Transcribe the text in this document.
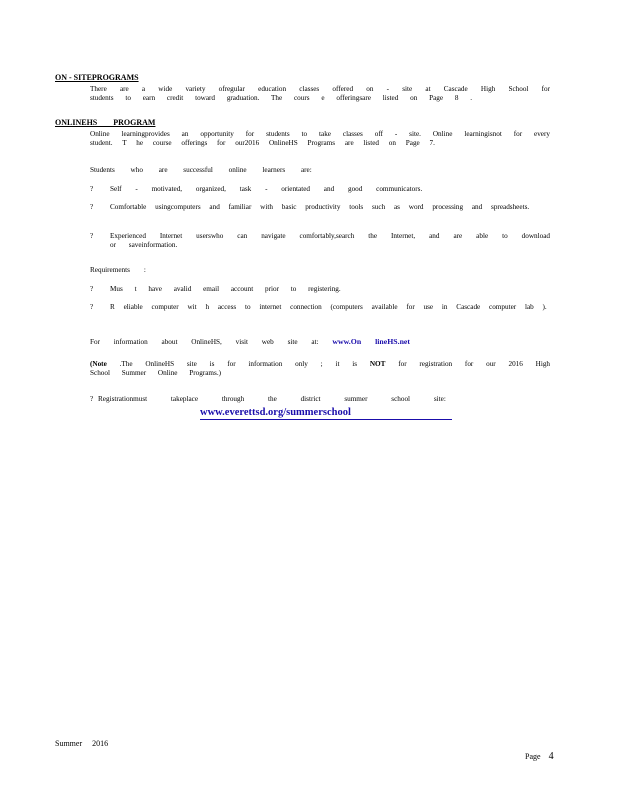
ON - SITEPROGRAMS
There are a wide variety ofregular education classes offered on - site at Cascade High School for students to earn credit toward graduation. The cours e offeringsare listed on Page 8 .
ONLINEHS        PROGRAM
Online learningprovides an opportunity for students to take classes off - site. Online learningisnot for every student. T he course offerings for our2016 OnlineHS Programs are listed on Page 7.
Students who are successful online learners are:
? Self - motivated, organized, task - orientated and good communicators.
? Comfortable usingcomputers and familiar with basic productivity tools such as word processing and spreadsheets.
? Experienced Internet userswho can navigate comfortably,search the Internet, and are able to download or saveinformation.
Requirements :
? Mus t have avalid email account prior to registering.
? R eliable computer wit h access to internet connection (computers available for use in Cascade computer lab ).
For information about OnlineHS, visit web site at: www.On lineHS.net
(Note .The OnlineHS site is for information only ; it is NOT for registration for our 2016 High School Summer Online Programs.)
? Registrationmust takeplace through the district summer school site:
www.everettsd.org/summerschool
Summer     2016
Page 4
